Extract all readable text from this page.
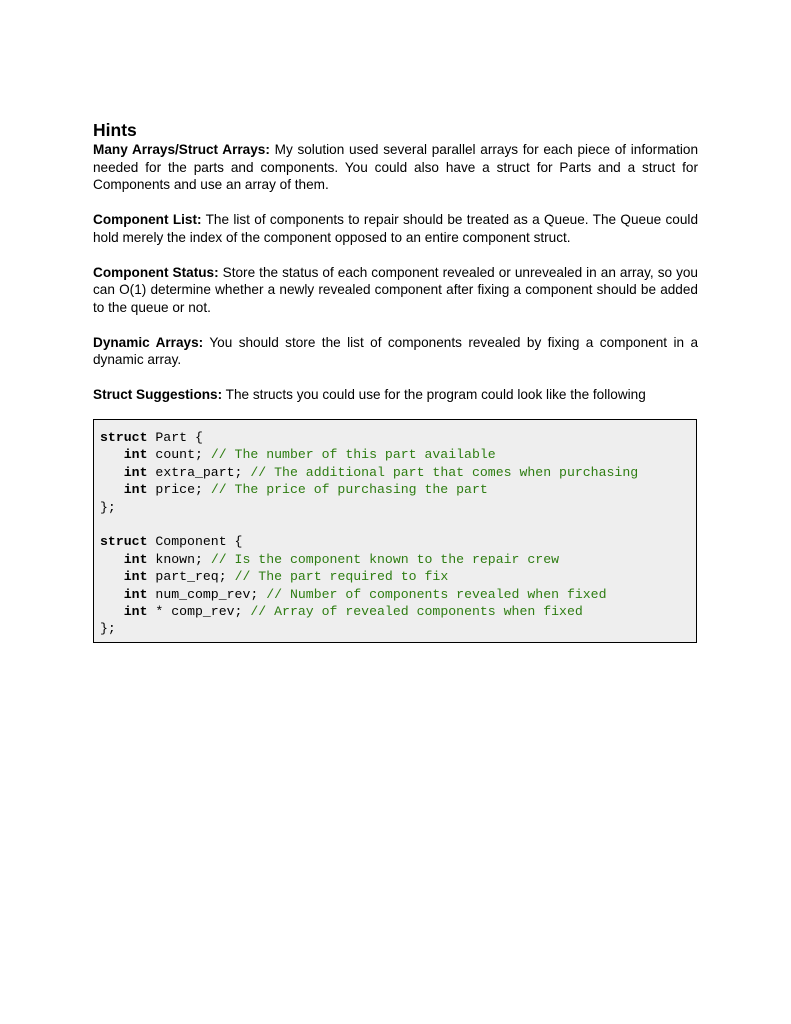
Hints

Many Arrays/Struct Arrays: My solution used several parallel arrays for each piece of information needed for the parts and components. You could also have a struct for Parts and a struct for Components and use an array of them.

Component List: The list of components to repair should be treated as a Queue. The Queue could hold merely the index of the component opposed to an entire component struct.

Component Status: Store the status of each component revealed or unrevealed in an array, so you can O(1) determine whether a newly revealed component after fixing a component should be added to the queue or not.

Dynamic Arrays: You should store the list of components revealed by fixing a component in a dynamic array.

Struct Suggestions: The structs you could use for the program could look like the following

struct Part {
int count; // The number of this part available
int extra_part; // The additional part that comes when purchasing
int price; // The price of purchasing the part
};
struct Component {
int known; // Is the component known to the repair crew
int part_req; // The part required to fix
int num_comp_rev; // Number of components revealed when fixed
int * comp_rev; // Array of revealed components when fixed
};
